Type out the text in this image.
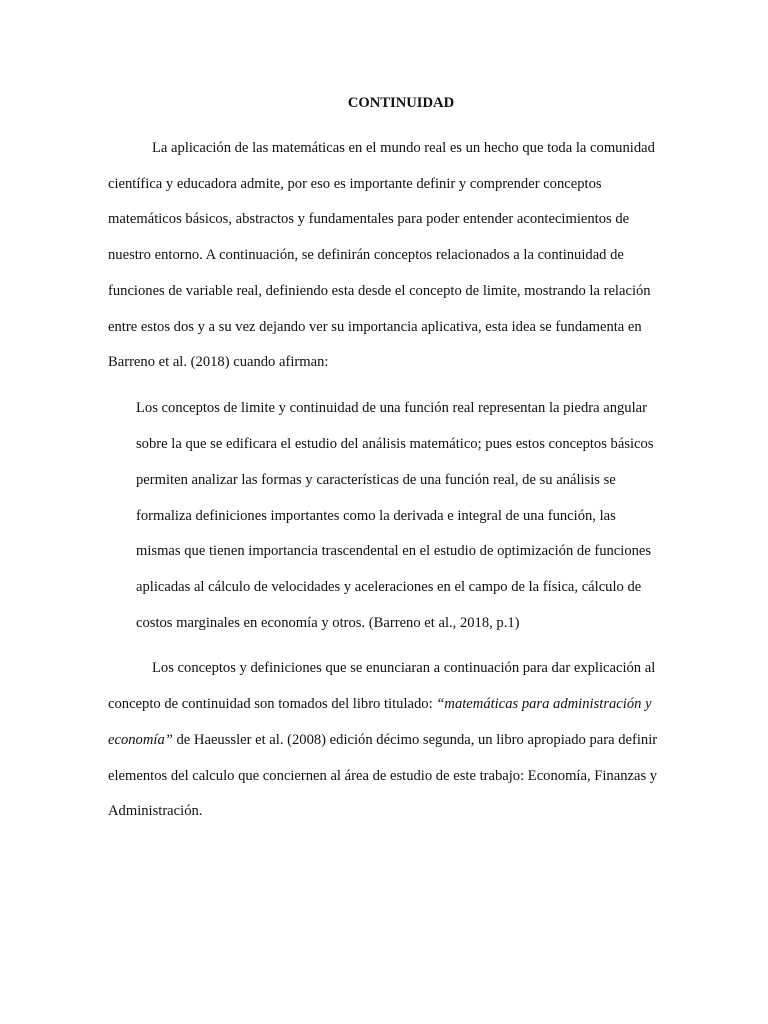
CONTINUIDAD

La aplicación de las matemáticas en el mundo real es un hecho que toda la comunidad

científica y educadora admite, por eso es importante definir y comprender conceptos

matemáticos básicos, abstractos y fundamentales para poder entender acontecimientos de

nuestro entorno. A continuación, se definirán conceptos relacionados a la continuidad de

funciones de variable real, definiendo esta desde el concepto de limite, mostrando la relación

entre estos dos y a su vez dejando ver su importancia aplicativa, esta idea se fundamenta en

Barreno et al. (2018) cuando afirman:

Los conceptos de limite y continuidad de una función real representan la piedra angular

sobre la que se edificara el estudio del análisis matemático; pues estos conceptos básicos

permiten analizar las formas y características de una función real, de su análisis se

formaliza definiciones importantes como la derivada e integral de una función, las

mismas que tienen importancia trascendental en el estudio de optimización de funciones

aplicadas al cálculo de velocidades y aceleraciones en el campo de la física, cálculo de

costos marginales en economía y otros. (Barreno et al., 2018, p.1)

Los conceptos y definiciones que se enunciaran a continuación para dar explicación al

concepto de continuidad son tomados del libro titulado: “matemáticas para administración y

economía” de Haeussler et al. (2008) edición décimo segunda, un libro apropiado para definir

elementos del calculo que conciernen al área de estudio de este trabajo: Economía, Finanzas y

Administración.
